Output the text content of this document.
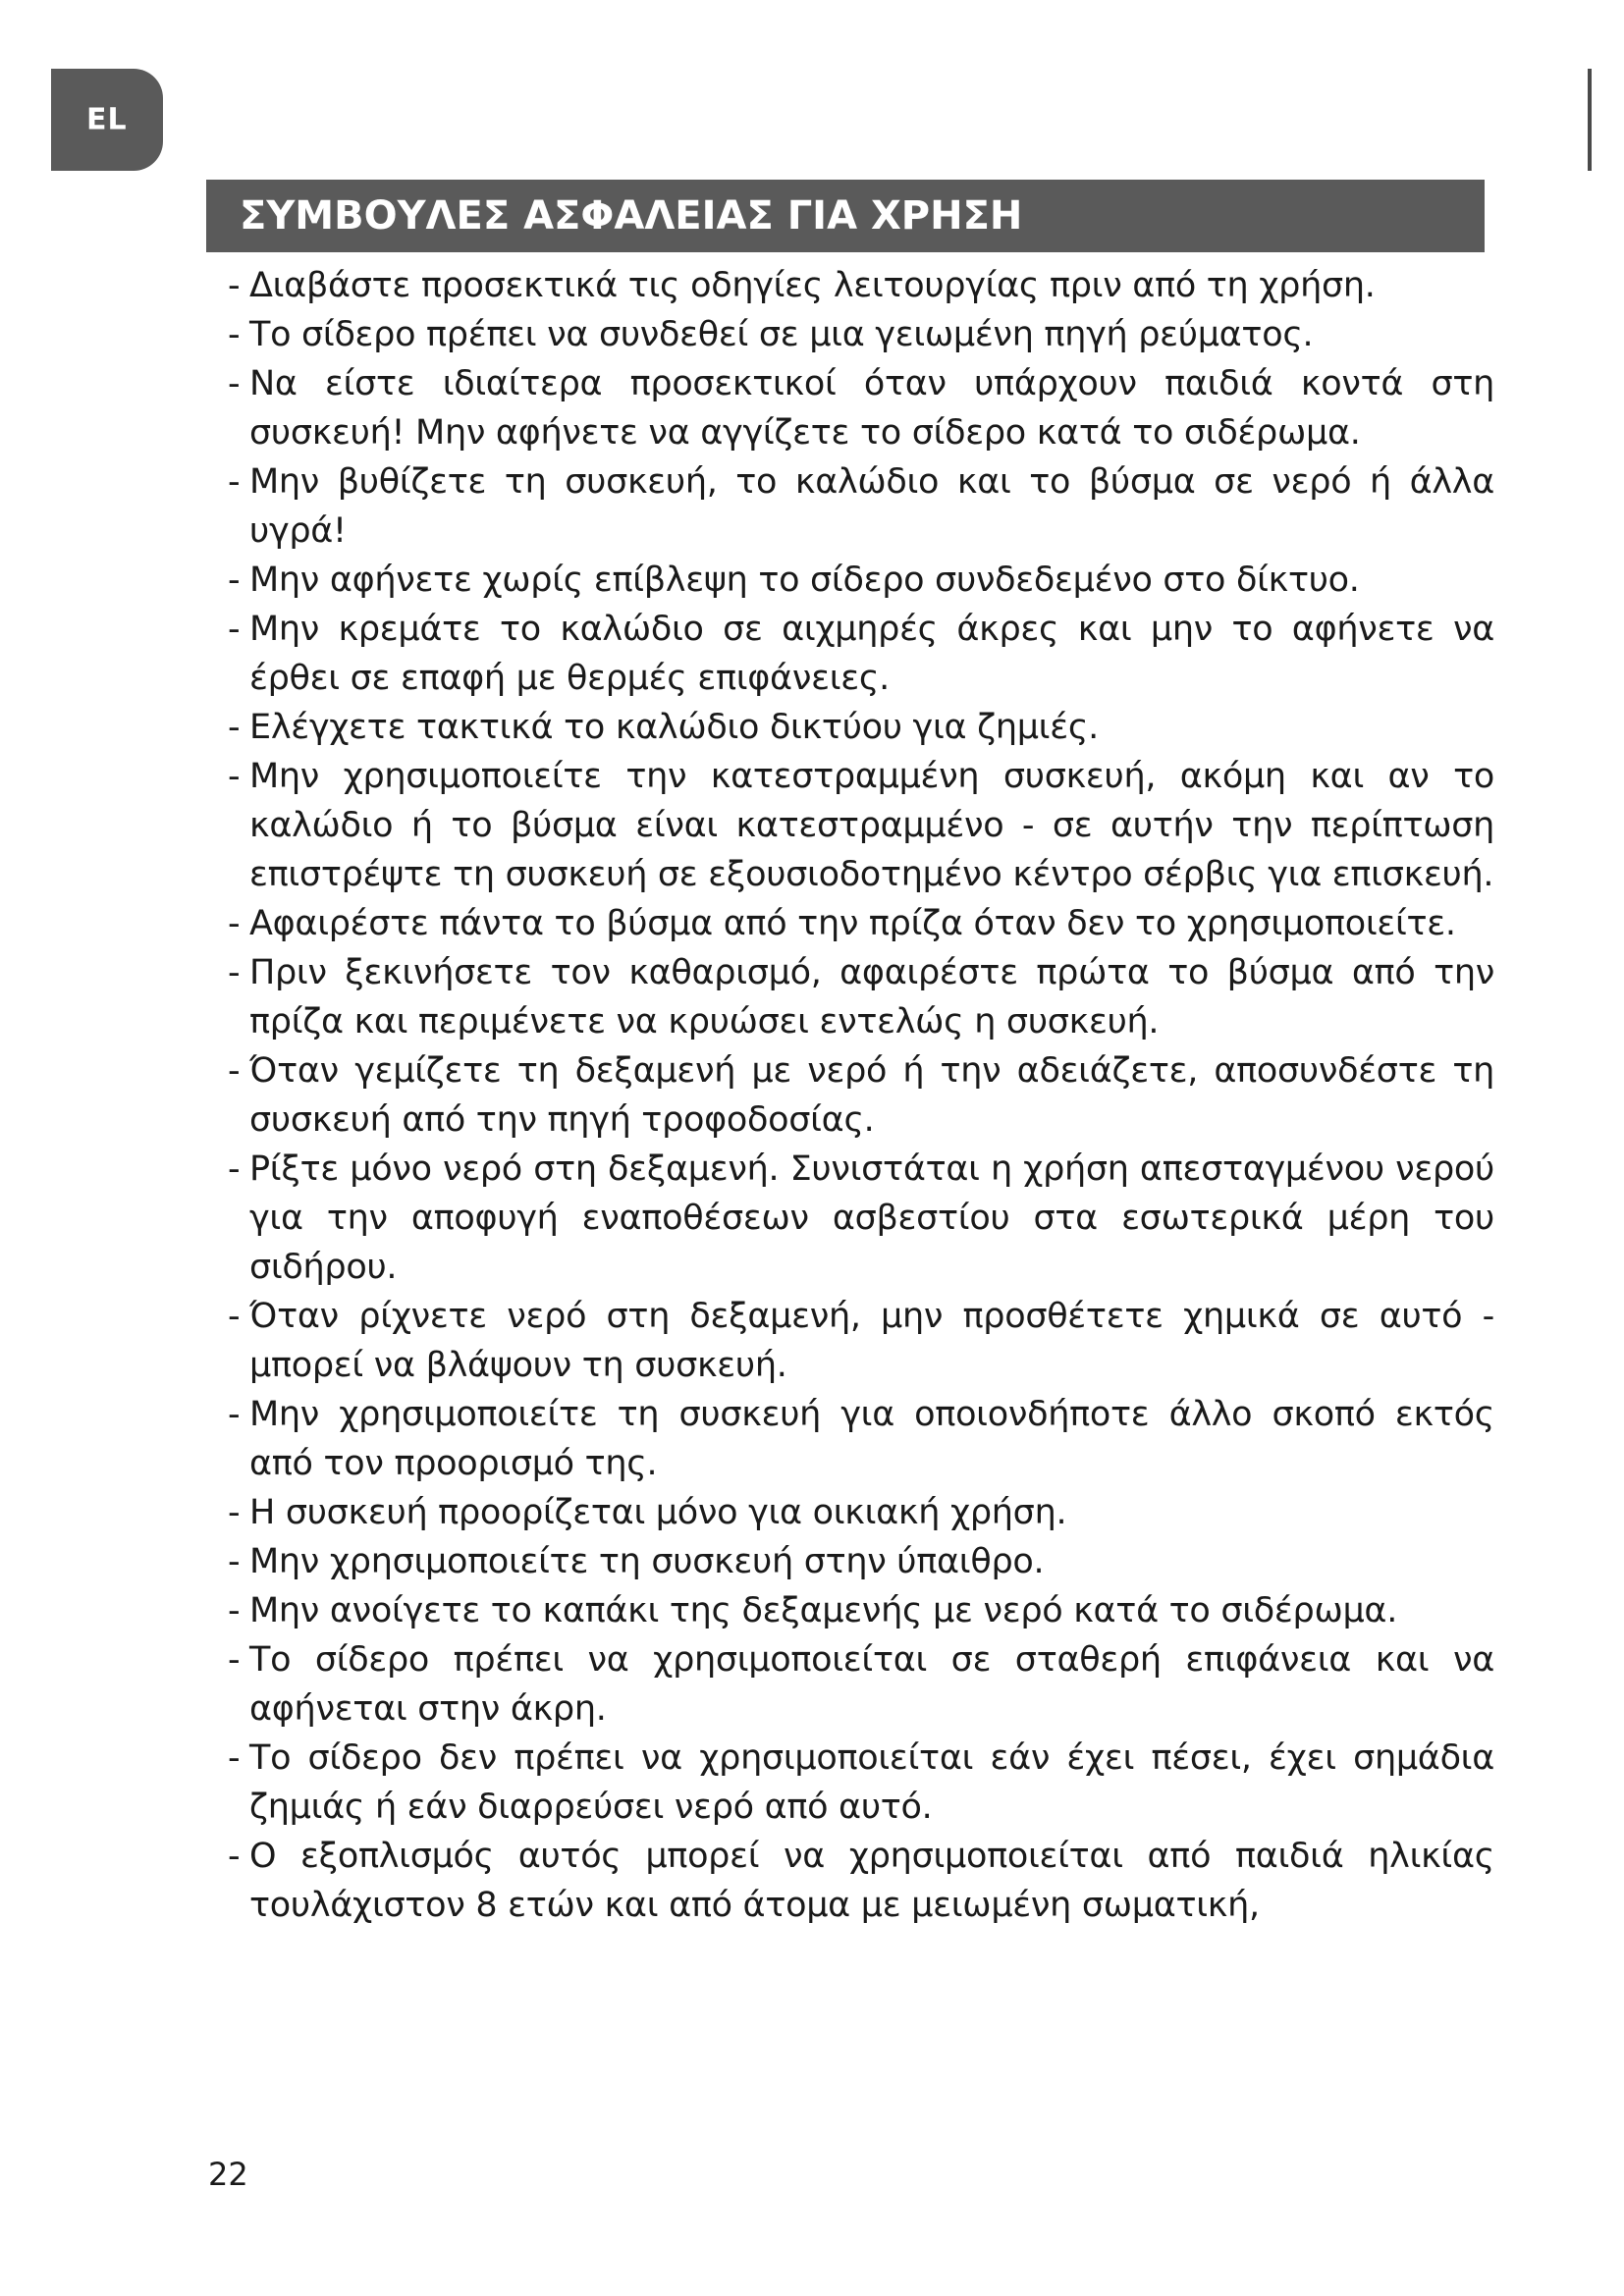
EL
ΣΥΜΒΟΥΛΕΣ ΑΣΦΑΛΕΙΑΣ ΓΙΑ ΧΡΗΣΗ
- Διαβάστε προσεκτικά τις οδηγίες λειτουργίας πριν από τη χρήση.
- Το σίδερο πρέπει να συνδεθεί σε μια γειωμένη πηγή ρεύματος.
- Να είστε ιδιαίτερα προσεκτικοί όταν υπάρχουν παιδιά κοντά στη συσκευή! Μην αφήνετε να αγγίζετε το σίδερο κατά το σιδέρωμα.
- Μην βυθίζετε τη συσκευή, το καλώδιο και το βύσμα σε νερό ή άλλα υγρά!
- Μην αφήνετε χωρίς επίβλεψη το σίδερο συνδεδεμένο στο δίκτυο.
- Μην κρεμάτε το καλώδιο σε αιχμηρές άκρες και μην το αφήνετε να έρθει σε επαφή με θερμές επιφάνειες.
- Ελέγχετε τακτικά το καλώδιο δικτύου για ζημιές.
- Μην χρησιμοποιείτε την κατεστραμμένη συσκευή, ακόμη και αν το καλώδιο ή το βύσμα είναι κατεστραμμένο - σε αυτήν την περίπτωση επιστρέψτε τη συσκευή σε εξουσιοδοτημένο κέντρο σέρβις για επισκευή.
- Αφαιρέστε πάντα το βύσμα από την πρίζα όταν δεν το χρησιμοποιείτε.
- Πριν ξεκινήσετε τον καθαρισμό, αφαιρέστε πρώτα το βύσμα από την πρίζα και περιμένετε να κρυώσει εντελώς η συσκευή.
- Όταν γεμίζετε τη δεξαμενή με νερό ή την αδειάζετε, αποσυνδέστε τη συσκευή από την πηγή τροφοδοσίας.
- Ρίξτε μόνο νερό στη δεξαμενή. Συνιστάται η χρήση απεσταγμένου νερού για την αποφυγή εναποθέσεων ασβεστίου στα εσωτερικά μέρη του σιδήρου.
- Όταν ρίχνετε νερό στη δεξαμενή, μην προσθέτετε χημικά σε αυτό - μπορεί να βλάψουν τη συσκευή.
- Μην χρησιμοποιείτε τη συσκευή για οποιονδήποτε άλλο σκοπό εκτός από τον προορισμό της.
- Η συσκευή προορίζεται μόνο για οικιακή χρήση.
- Μην χρησιμοποιείτε τη συσκευή στην ύπαιθρο.
- Μην ανοίγετε το καπάκι της δεξαμενής με νερό κατά το σιδέρωμα.
- Το σίδερο πρέπει να χρησιμοποιείται σε σταθερή επιφάνεια και να αφήνεται στην άκρη.
- Το σίδερο δεν πρέπει να χρησιμοποιείται εάν έχει πέσει, έχει σημάδια ζημιάς ή εάν διαρρεύσει νερό από αυτό.
- Ο εξοπλισμός αυτός μπορεί να χρησιμοποιείται από παιδιά ηλικίας τουλάχιστον 8 ετών και από άτομα με μειωμένη σωματική,
22
